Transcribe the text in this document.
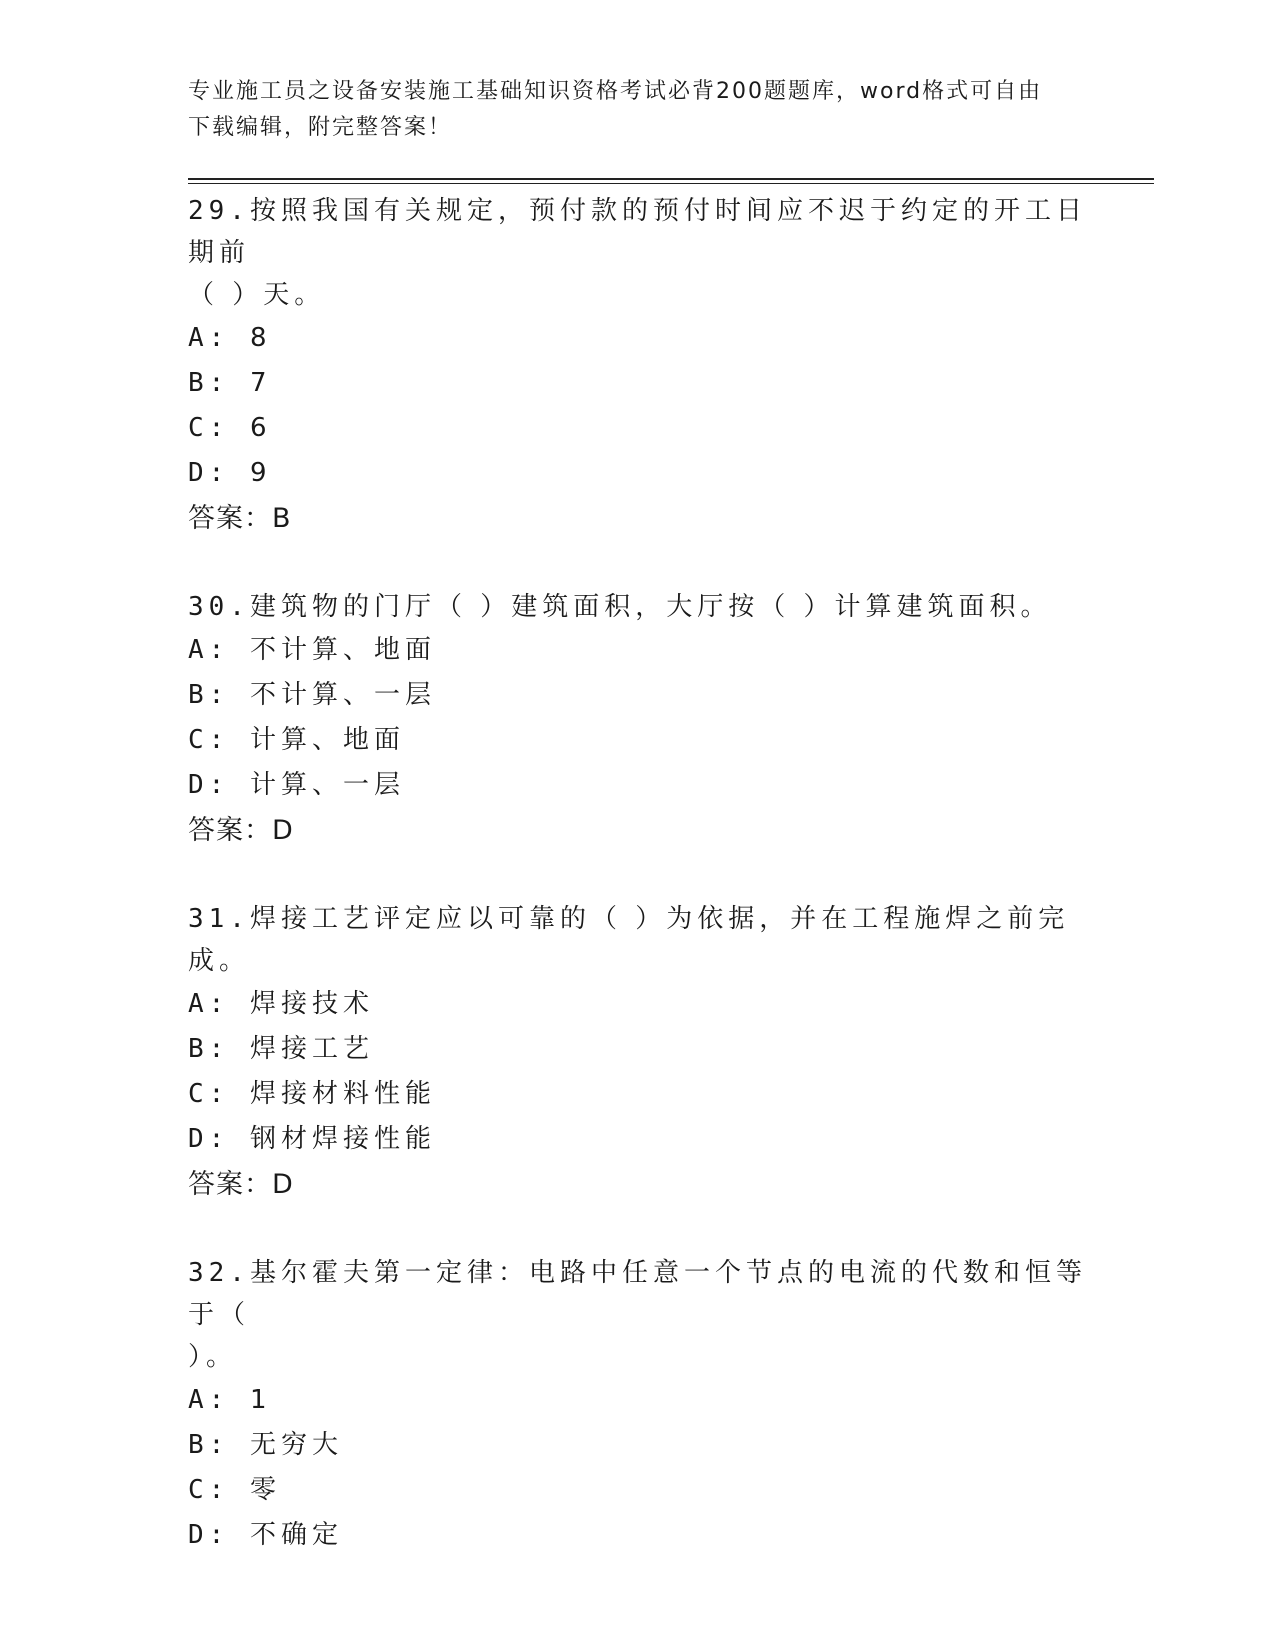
专业施工员之设备安装施工基础知识资格考试必背200题题库，word格式可自由
下载编辑，附完整答案！
29.按照我国有关规定，预付款的预付时间应不迟于约定的开工日期前
（ ）天。
A: 8
B: 7
C: 6
D: 9
答案：B
30.建筑物的门厅（ ）建筑面积，大厅按（ ）计算建筑面积。
A: 不计算、地面
B: 不计算、一层
C: 计算、地面
D: 计算、一层
答案：D
31.焊接工艺评定应以可靠的（ ）为依据，并在工程施焊之前完成。
A: 焊接技术
B: 焊接工艺
C: 焊接材料性能
D: 钢材焊接性能
答案：D
32.基尔霍夫第一定律：电路中任意一个节点的电流的代数和恒等于（
）。
A: 1
B: 无穷大
C: 零
D: 不确定
